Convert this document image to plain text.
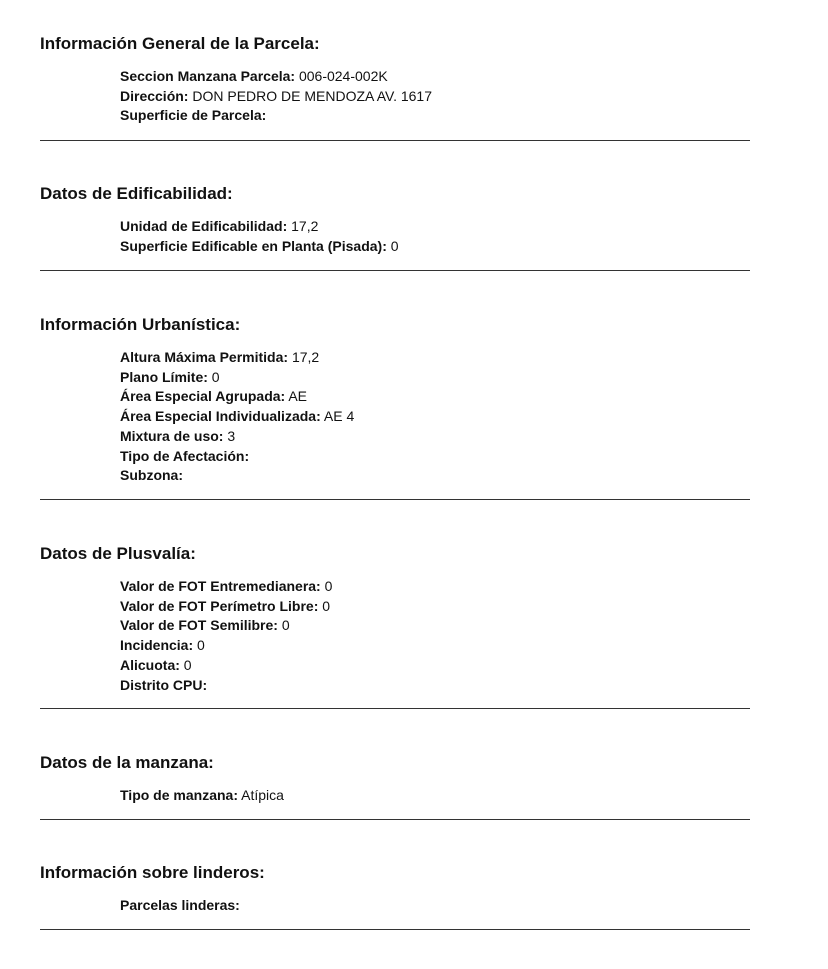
Información General de la Parcela:
Seccion Manzana Parcela: 006-024-002K
Dirección: DON PEDRO DE MENDOZA AV. 1617
Superficie de Parcela:
Datos de Edificabilidad:
Unidad de Edificabilidad: 17,2
Superficie Edificable en Planta (Pisada): 0
Información Urbanística:
Altura Máxima Permitida: 17,2
Plano Límite: 0
Área Especial Agrupada: AE
Área Especial Individualizada: AE 4
Mixtura de uso: 3
Tipo de Afectación:
Subzona:
Datos de Plusvalía:
Valor de FOT Entremedianera: 0
Valor de FOT Perímetro Libre: 0
Valor de FOT Semilibre: 0
Incidencia: 0
Alicuota: 0
Distrito CPU:
Datos de la manzana:
Tipo de manzana: Atípica
Información sobre linderos:
Parcelas linderas:
